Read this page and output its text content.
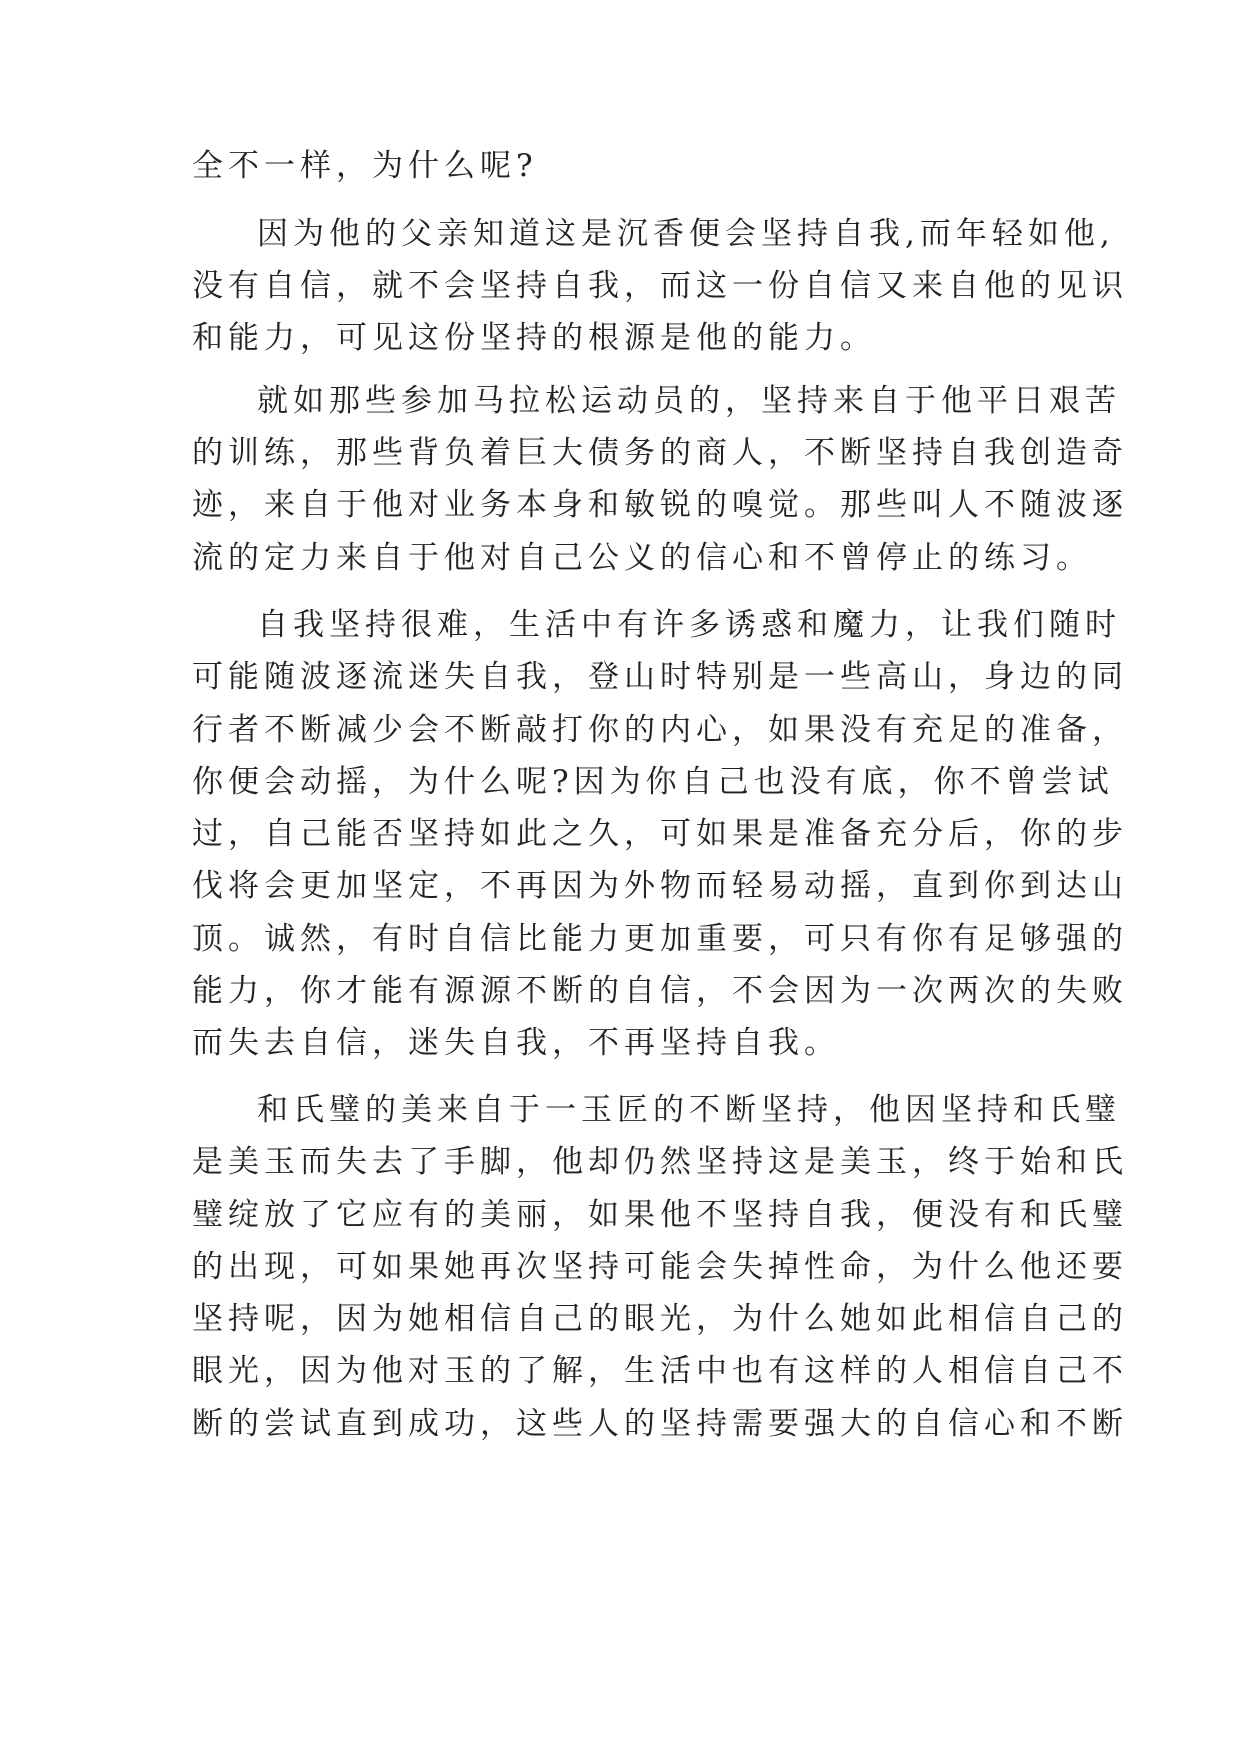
全不一样，为什么呢?
因为他的父亲知道这是沉香便会坚持自我,而年轻如他,
没有自信，就不会坚持自我，而这一份自信又来自他的见识
和能力，可见这份坚持的根源是他的能力。
就如那些参加马拉松运动员的，坚持来自于他平日艰苦
的训练，那些背负着巨大债务的商人，不断坚持自我创造奇
迹，来自于他对业务本身和敏锐的嗅觉。那些叫人不随波逐
流的定力来自于他对自己公义的信心和不曾停止的练习。
自我坚持很难，生活中有许多诱惑和魔力，让我们随时
可能随波逐流迷失自我，登山时特别是一些高山，身边的同
行者不断减少会不断敲打你的内心，如果没有充足的准备，
你便会动摇，为什么呢?因为你自己也没有底，你不曾尝试
过，自己能否坚持如此之久，可如果是准备充分后，你的步
伐将会更加坚定，不再因为外物而轻易动摇，直到你到达山
顶。诚然，有时自信比能力更加重要，可只有你有足够强的
能力，你才能有源源不断的自信，不会因为一次两次的失败
而失去自信，迷失自我，不再坚持自我。
和氏璧的美来自于一玉匠的不断坚持，他因坚持和氏璧
是美玉而失去了手脚，他却仍然坚持这是美玉，终于始和氏
璧绽放了它应有的美丽，如果他不坚持自我，便没有和氏璧
的出现，可如果她再次坚持可能会失掉性命，为什么他还要
坚持呢，因为她相信自己的眼光，为什么她如此相信自己的
眼光，因为他对玉的了解，生活中也有这样的人相信自己不
断的尝试直到成功，这些人的坚持需要强大的自信心和不断
